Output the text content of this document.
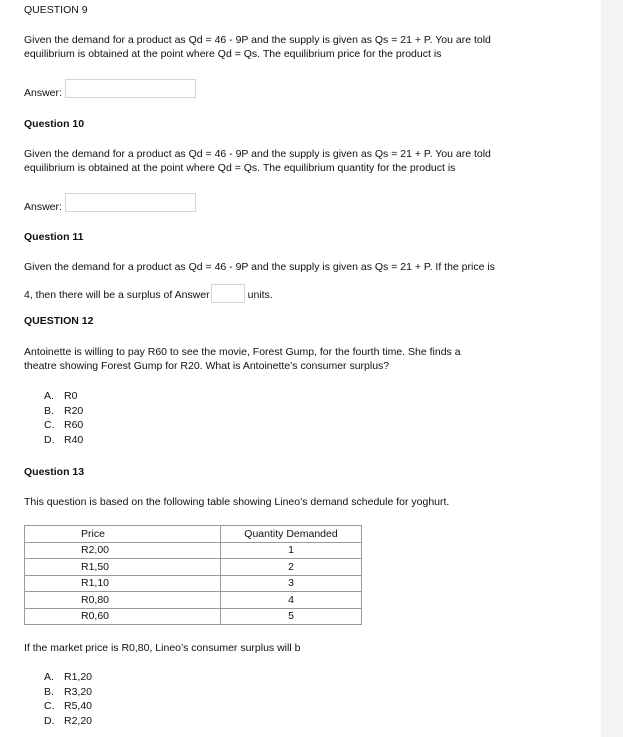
QUESTION 9
Given the demand for a product as Qd = 46 - 9P and the supply is given as Qs = 21 + P. You are told
equilibrium is obtained at the point where Qd = Qs. The equilibrium price for the product is
Answer:
Question 10
Given the demand for a product as Qd = 46 - 9P and the supply is given as Qs = 21 + P. You are told
equilibrium is obtained at the point where Qd = Qs. The equilibrium quantity for the product is
Answer:
Question 11
Given the demand for a product as Qd = 46 - 9P and the supply is given as Qs = 21 + P. If the price is
4, then there will be a surplus of Answer	units.
QUESTION 12
Antoinette is willing to pay R60 to see the movie, Forest Gump, for the fourth time. She finds a
theatre showing Forest Gump for R20. What is Antoinette’s consumer surplus?
A. R0
B. R20
C. R60
D. R40
Question 13
This question is based on the following table showing Lineo’s demand schedule for yoghurt.
Price	Quantity Demanded
R2,00	1
R1,50	2
R1,10	3
R0,80	4
R0,60	5
If the market price is R0,80, Lineo’s consumer surplus will b
A. R1,20
B. R3,20
C. R5,40
D. R2,20
